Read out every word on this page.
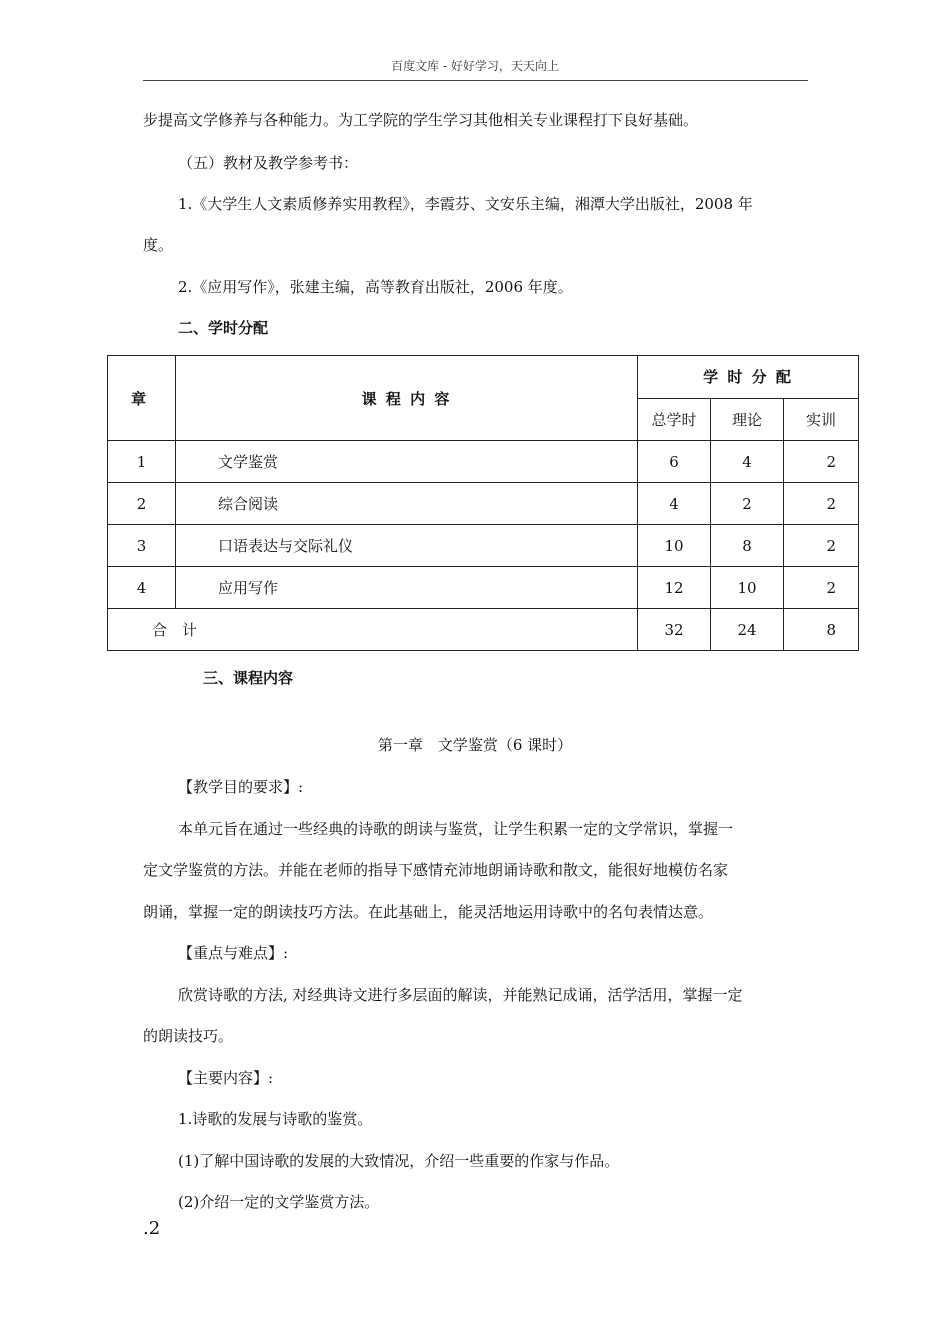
百度文库 - 好好学习，天天向上
步提高文学修养与各种能力。为工学院的学生学习其他相关专业课程打下良好基础。
（五）教材及教学参考书：
1.《大学生人文素质修养实用教程》，李霞芬、文安乐主编，湘潭大学出版社，2008 年
度。
2.《应用写作》，张建主编，高等教育出版社，2006 年度。
二、学时分配
章	课 程 内 容	学 时 分 配		
		总学时	理论	实训
1	文学鉴赏	6	4	2
2	综合阅读	4	2	2
3	口语表达与交际礼仪	10	8	2
4	应用写作	12	10	2
合　计		32	24	8
三、课程内容
第一章　文学鉴赏（6 课时）
【教学目的要求】:
本单元旨在通过一些经典的诗歌的朗读与鉴赏，让学生积累一定的文学常识，掌握一
定文学鉴赏的方法。并能在老师的指导下感情充沛地朗诵诗歌和散文，能很好地模仿名家
朗诵，掌握一定的朗读技巧方法。在此基础上，能灵活地运用诗歌中的名句表情达意。
【重点与难点】:
欣赏诗歌的方法, 对经典诗文进行多层面的解读，并能熟记成诵，活学活用，掌握一定
的朗读技巧。
【主要内容】:
1.诗歌的发展与诗歌的鉴赏。
(1)了解中国诗歌的发展的大致情况，介绍一些重要的作家与作品。
(2)介绍一定的文学鉴赏方法。
.2
